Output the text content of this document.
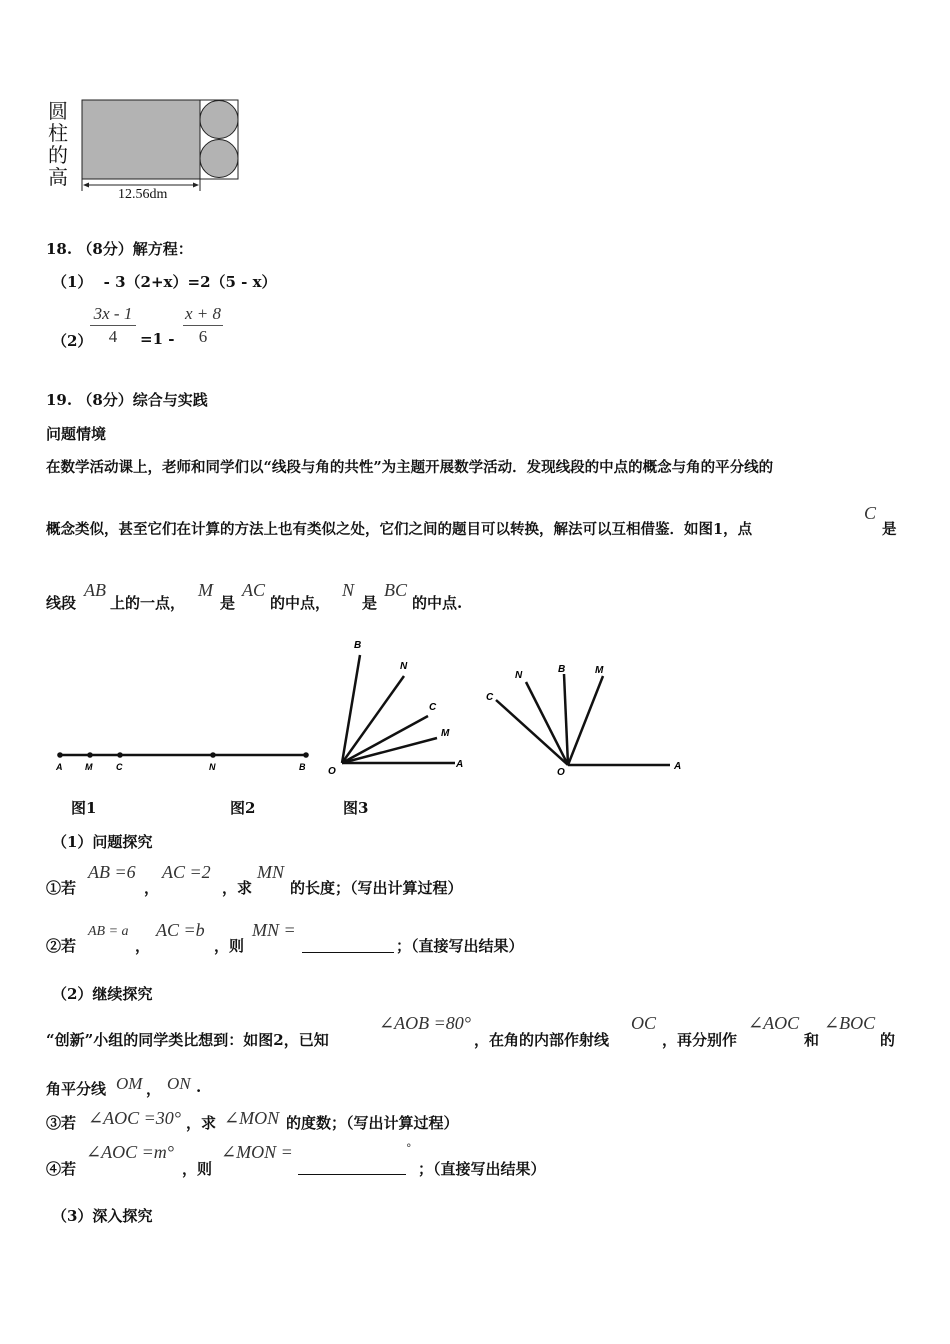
圆
柱
的
高
12.56dm
18. （8分）解方程：
（1） - 3（2+x）=2（5 - x）
（2）
3x - 1
4	=1 -
x + 8
6
19. （8分）综合与实践
问题情境
在数学活动课上，老师和同学们以“线段与角的共性”为主题开展数学活动．发现线段的中点的概念与角的平分线的
概念类似，甚至它们在计算的方法上也有类似之处，它们之间的题目可以转换，解法可以互相借鉴．如图1，点
C
是
线段
AB
上的一点，
M
是
AC
的中点，
N
是
BC
的中点.
A	M	C	N	B
B
N
C
M
O
A
N
B	M
C
O
A
图1	图2	图3
（1）问题探究
①若
AB =6
，
AC =2
，求
MN
的长度；（写出计算过程）
②若
AB = a
，
AC =b
，则
MN =
；（直接写出结果）
（2）继续探究
“创新”小组的同学类比想到：如图2，已知
∠AOB =80°
，在角的内部作射线
OC
，再分别作
∠AOC
和
∠BOC
的
角平分线 OM ， ON .
③若 ∠AOC =30° ，求 ∠MON 的度数；（写出计算过程）
④若
∠AOC =m°
，则
∠MON =	°
；（直接写出结果）
（3）深入探究
